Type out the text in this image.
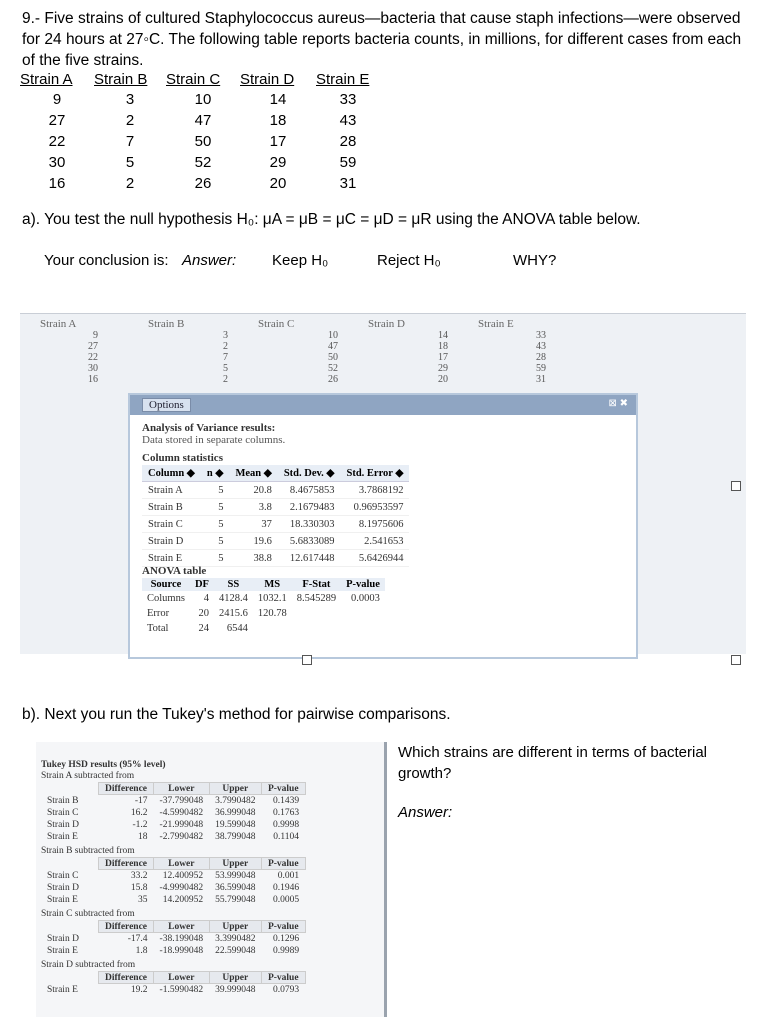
9.- Five strains of cultured Staphylococcus aureus—bacteria that cause staph infections—were observed for 24 hours at 27◦C. The following table reports bacteria counts, in millions, for different cases from each of the five strains.
Strain A	Strain B	Strain C	Strain D	Strain E
9	3	10	14	33
27	2	47	18	43
22	7	50	17	28
30	5	52	29	59
16	2	26	20	31
a). You test the null hypothesis H₀: μA = μB = μC = μD = μR using the ANOVA table below.
Your conclusion is: Answer: Keep H₀	Reject H₀	WHY?
Strain A	Strain B	Strain C	Strain D	Strain E
9	3	10	14	33
27	2	47	18	43
22	7	50	17	28
30	5	52	29	59
16	2	26	20	31
Options	⊠ ✖
Analysis of Variance results:
Data stored in separate columns.
Column statistics
Column ◆	n ◆	Mean ◆	Std. Dev. ◆	Std. Error ◆
Strain A	5	20.8	8.4675853	3.7868192
Strain B	5	3.8	2.1679483	0.96953597
Strain C	5	37	18.330303	8.1975606
Strain D	5	19.6	5.6833089	2.541653
Strain E	5	38.8	12.617448	5.6426944
ANOVA table
Source	DF	SS	MS	F-Stat	P-value
Columns	4	4128.4	1032.1	8.545289	0.0003
Error	20	2415.6	120.78		
Total	24	6544			
b). Next you run the Tukey's method for pairwise comparisons.
Which strains are different in terms of bacterial growth?
Answer:
Tukey HSD results (95% level)
Strain A subtracted from
	Difference	Lower	Upper	P-value
Strain B	-17	-37.799048	3.7990482	0.1439
Strain C	16.2	-4.5990482	36.999048	0.1763
Strain D	-1.2	-21.999048	19.599048	0.9998
Strain E	18	-2.7990482	38.799048	0.1104
Strain B subtracted from
	Difference	Lower	Upper	P-value
Strain C	33.2	12.400952	53.999048	0.001
Strain D	15.8	-4.9990482	36.599048	0.1946
Strain E	35	14.200952	55.799048	0.0005
Strain C subtracted from
	Difference	Lower	Upper	P-value
Strain D	-17.4	-38.199048	3.3990482	0.1296
Strain E	1.8	-18.999048	22.599048	0.9989
Strain D subtracted from
	Difference	Lower	Upper	P-value
Strain E	19.2	-1.5990482	39.999048	0.0793
